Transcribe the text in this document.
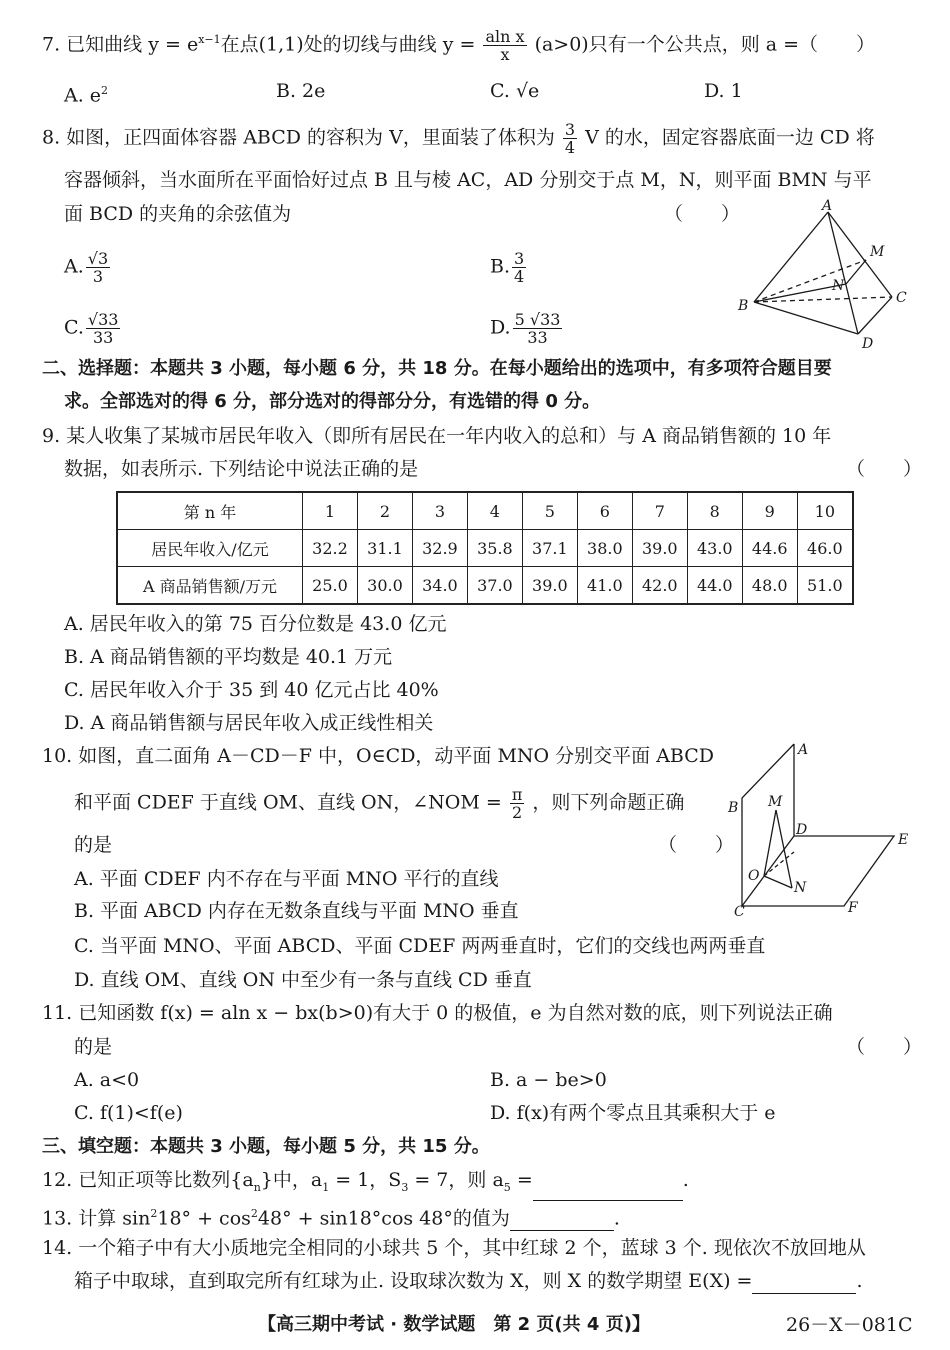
7. 已知曲线 $y = e^{x-1}$在点(1,1)处的切线与曲线 $y = \frac{\text{aln x}}{x} (a>0)$只有一个公共点，则 a =（　　）
A. $e^2$	B. 2e	C. √e	D. 1
8. 如图，正四面体容器 ABCD 的容积为 V，里面装了体积为 $\frac{3}{4}$ V 的水，固定容器底面一边 CD 将
容器倾斜，当水面所在平面恰好过点 B 且与棱 AC，AD 分别交于点 M，N，则平面 BMN 与平
面 BCD 的夹角的余弦值为	（　　）
A. $\frac{√3}{3}$	B. $\frac{3}{4}$
C. $\frac{√33}{33}$	D. $\frac{5 √33}{33}$
A
B	C
D
M
N
二、选择题：本题共 3 小题，每小题 6 分，共 18 分。在每小题给出的选项中，有多项符合题目要
求。全部选对的得 6 分，部分选对的得部分分，有选错的得 0 分。
9. 某人收集了某城市居民年收入（即所有居民在一年内收入的总和）与 A 商品销售额的 10 年
数据，如表所示. 下列结论中说法正确的是	（　　）
第 n 年	1	2	3	4	5	6	7	8	9	10
居民年收入/亿元	32.2	31.1	32.9	35.8	37.1	38.0	39.0	43.0	44.6	46.0
A 商品销售额/万元	25.0	30.0	34.0	37.0	39.0	41.0	42.0	44.0	48.0	51.0
A. 居民年收入的第 75 百分位数是 43.0 亿元
B. A 商品销售额的平均数是 40.1 万元
C. 居民年收入介于 35 到 40 亿元占比 40%
D. A 商品销售额与居民年收入成正线性相关
10. 如图，直二面角 A－CD－F 中，O∈CD，动平面 MNO 分别交平面 ABCD
和平面 CDEF 于直线 OM、直线 ON，∠NOM = $\frac{\pi}{2}$ ，则下列命题正确
的是	（　　）
A. 平面 CDEF 内不存在与平面 MNO 平行的直线
B. 平面 ABCD 内存在无数条直线与平面 MNO 垂直
C. 当平面 MNO、平面 ABCD、平面 CDEF 两两垂直时，它们的交线也两两垂直
D. 直线 OM、直线 ON 中至少有一条与直线 CD 垂直
A
B
C
D
E
F
M
N
O
11. 已知函数 f(x) = aln x − bx(b>0)有大于 0 的极值，e 为自然对数的底，则下列说法正确
的是	（　　）
A. a<0	B. a − be>0
C. f(1)<f(e)	D. f(x)有两个零点且其乘积大于 e
三、填空题：本题共 3 小题，每小题 5 分，共 15 分。
12. 已知正项等比数列$\{a_n\}$中，$a_1 = 1$，$S_3 = 7$，则 $a_5$ =	.
13. 计算 $\sin^218^\circ + \cos^248^\circ + \sin 18^\circ\cos$ 48°的值为	.
14. 一个箱子中有大小质地完全相同的小球共 5 个，其中红球 2 个，蓝球 3 个. 现依次不放回地从
箱子中取球，直到取完所有红球为止. 设取球次数为 X，则 X 的数学期望 E(X) =	.
【高三期中考试 · 数学试题　第 2 页(共 4 页)】	26－X－081C
